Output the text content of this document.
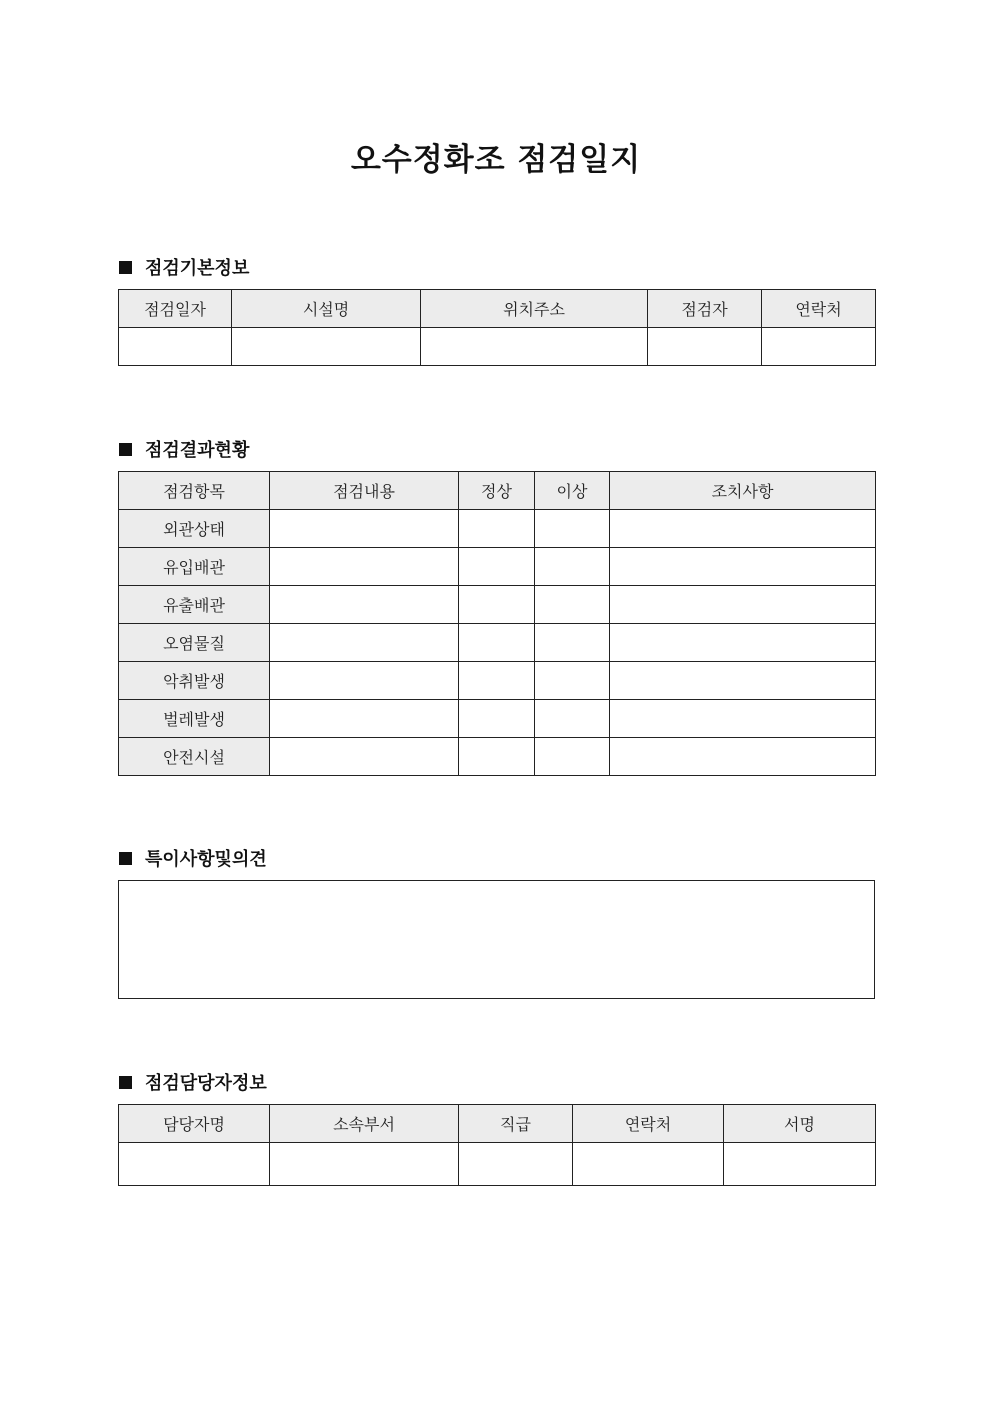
오수정화조 점검일지
점검기본정보
점검일자	시설명	위치주소	점검자	연락처

점검결과현황
점검항목	점검내용	정상	이상	조치사항
외관상태				
유입배관				
유출배관				
오염물질				
악취발생				
벌레발생				
안전시설				
특이사항및의견
점검담당자정보
담당자명	소속부서	직급	연락처	서명
